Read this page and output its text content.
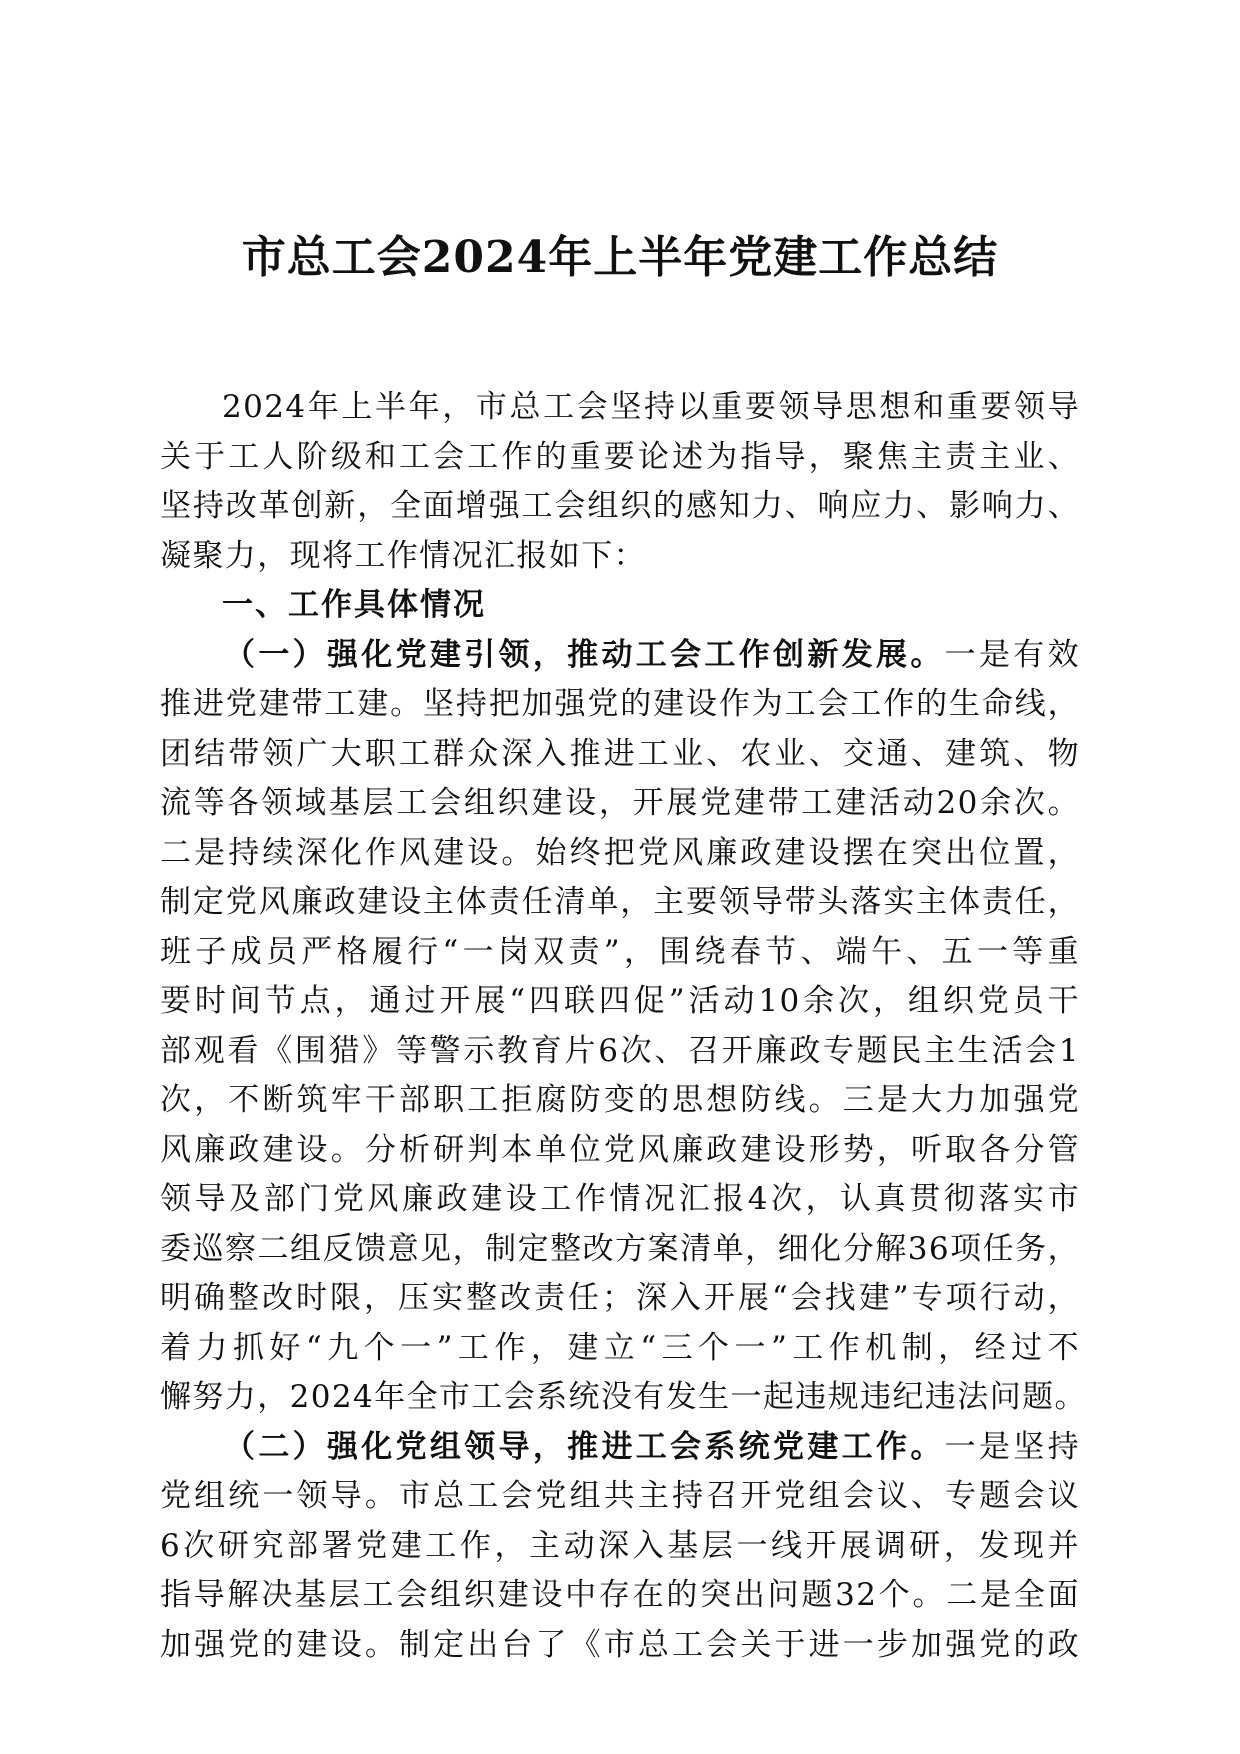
市总工会2024年上半年党建工作总结
2024年上半年，市总工会坚持以重要领导思想和重要领导
关于工人阶级和工会工作的重要论述为指导，聚焦主责主业、
坚持改革创新，全面增强工会组织的感知力、响应力、影响力、
凝聚力，现将工作情况汇报如下：
一、工作具体情况
（一）强化党建引领，推动工会工作创新发展。一是有效
推进党建带工建。坚持把加强党的建设作为工会工作的生命线，
团结带领广大职工群众深入推进工业、农业、交通、建筑、物
流等各领域基层工会组织建设，开展党建带工建活动20余次。
二是持续深化作风建设。始终把党风廉政建设摆在突出位置，
制定党风廉政建设主体责任清单，主要领导带头落实主体责任，
班子成员严格履行“一岗双责”，围绕春节、端午、五一等重
要时间节点，通过开展“四联四促”活动10余次，组织党员干
部观看《围猎》等警示教育片6次、召开廉政专题民主生活会1
次，不断筑牢干部职工拒腐防变的思想防线。三是大力加强党
风廉政建设。分析研判本单位党风廉政建设形势，听取各分管
领导及部门党风廉政建设工作情况汇报4次，认真贯彻落实市
委巡察二组反馈意见，制定整改方案清单，细化分解36项任务，
明确整改时限，压实整改责任；深入开展“会找建”专项行动，
着力抓好“九个一”工作，建立“三个一”工作机制，经过不
懈努力，2024年全市工会系统没有发生一起违规违纪违法问题。
（二）强化党组领导，推进工会系统党建工作。一是坚持
党组统一领导。市总工会党组共主持召开党组会议、专题会议
6次研究部署党建工作，主动深入基层一线开展调研，发现并
指导解决基层工会组织建设中存在的突出问题32个。二是全面
加强党的建设。制定出台了《市总工会关于进一步加强党的政
